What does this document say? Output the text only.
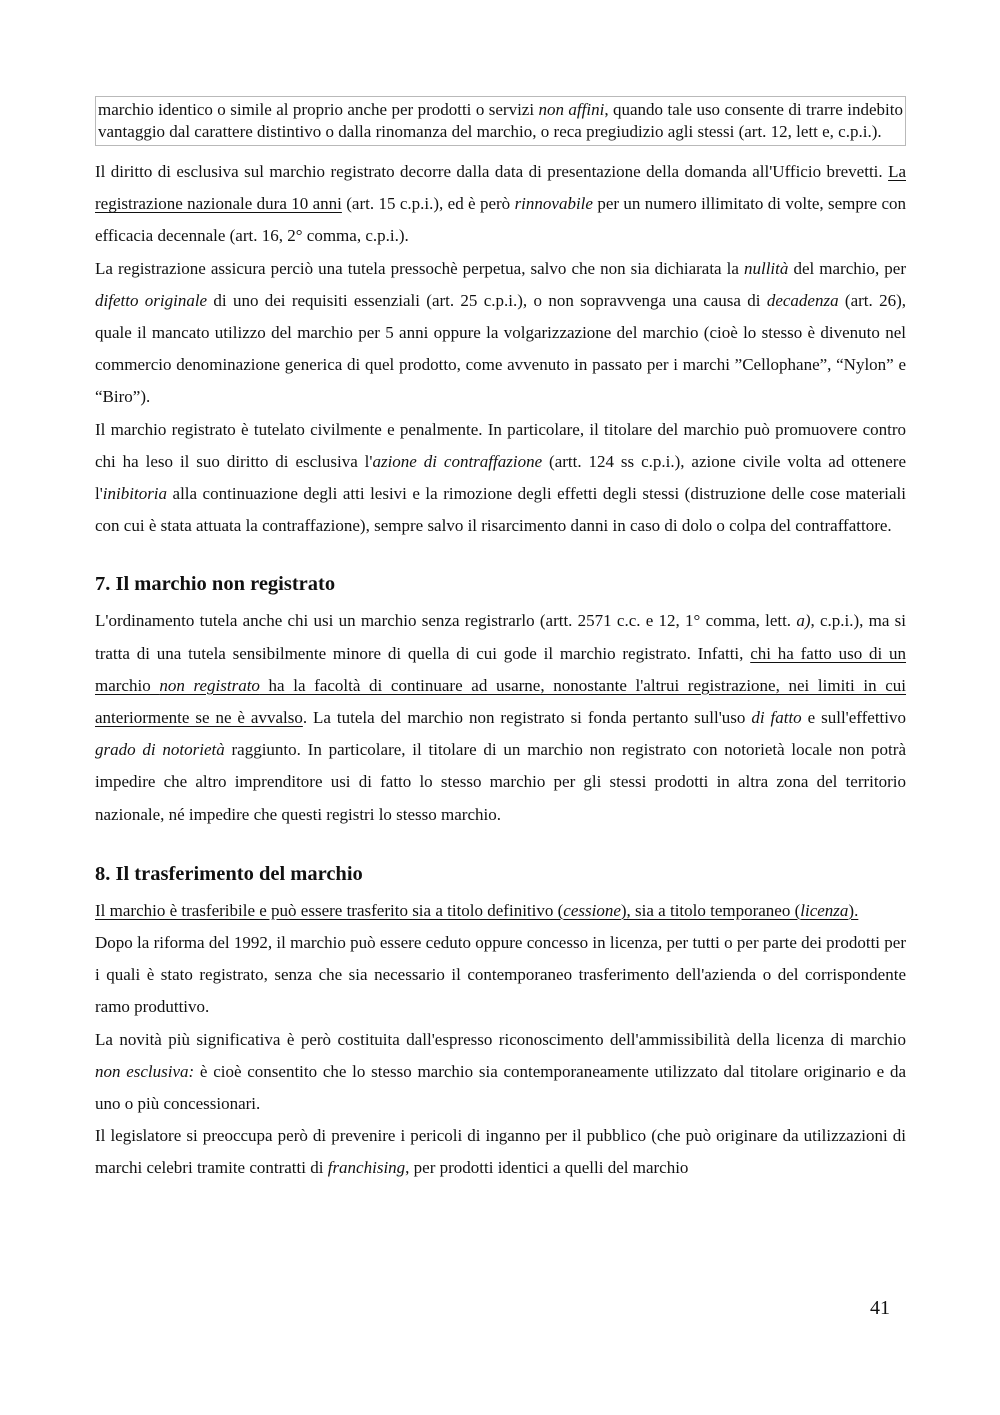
marchio identico o simile al proprio anche per prodotti o servizi non affini, quando tale uso consente di trarre indebito vantaggio dal carattere distintivo o dalla rinomanza del marchio, o reca pregiudizio agli stessi (art. 12, lett e, c.p.i.).

Il diritto di esclusiva sul marchio registrato decorre dalla data di presentazione della domanda all'Ufficio brevetti. La registrazione nazionale dura 10 anni (art. 15 c.p.i.), ed è però rinnovabile per un numero illimitato di volte, sempre con efficacia decennale (art. 16, 2° comma, c.p.i.).

La registrazione assicura perciò una tutela pressochè perpetua, salvo che non sia dichiarata la nullità del marchio, per difetto originale di uno dei requisiti essenziali (art. 25 c.p.i.), o non sopravvenga una causa di decadenza (art. 26), quale il mancato utilizzo del marchio per 5 anni oppure la volgarizzazione del marchio (cioè lo stesso è divenuto nel commercio denominazione generica di quel prodotto, come avvenuto in passato per i marchi ”Cellophane”, “Nylon” e “Biro”).

Il marchio registrato è tutelato civilmente e penalmente. In particolare, il titolare del marchio può promuovere contro chi ha leso il suo diritto di esclusiva l'azione di contraffazione (artt. 124 ss c.p.i.), azione civile volta ad ottenere l'inibitoria alla continuazione degli atti lesivi e la rimozione degli effetti degli stessi (distruzione delle cose materiali con cui è stata attuata la contraffazione), sempre salvo il risarcimento danni in caso di dolo o colpa del contraffattore.

7. Il marchio non registrato

L'ordinamento tutela anche chi usi un marchio senza registrarlo (artt. 2571 c.c. e 12, 1° comma, lett. a), c.p.i.), ma si tratta di una tutela sensibilmente minore di quella di cui gode il marchio registrato. Infatti, chi ha fatto uso di un marchio non registrato ha la facoltà di continuare ad usarne, nonostante l'altrui registrazione, nei limiti in cui anteriormente se ne è avvalso. La tutela del marchio non registrato si fonda pertanto sull'uso di fatto e sull'effettivo grado di notorietà raggiunto. In particolare, il titolare di un marchio non registrato con notorietà locale non potrà impedire che altro imprenditore usi di fatto lo stesso marchio per gli stessi prodotti in altra zona del territorio nazionale, né impedire che questi registri lo stesso marchio.

8. Il trasferimento del marchio

Il marchio è trasferibile e può essere trasferito sia a titolo definitivo (cessione), sia a titolo temporaneo (licenza).

Dopo la riforma del 1992, il marchio può essere ceduto oppure concesso in licenza, per tutti o per parte dei prodotti per i quali è stato registrato, senza che sia necessario il contemporaneo trasferimento dell'azienda o del corrispondente ramo produttivo.

La novità più significativa è però costituita dall'espresso riconoscimento dell'ammissibilità della licenza di marchio non esclusiva: è cioè consentito che lo stesso marchio sia contemporaneamente utilizzato dal titolare originario e da uno o più concessionari.

Il legislatore si preoccupa però di prevenire i pericoli di inganno per il pubblico (che può originare da utilizzazioni di marchi celebri tramite contratti di franchising, per prodotti identici a quelli del marchio

41
